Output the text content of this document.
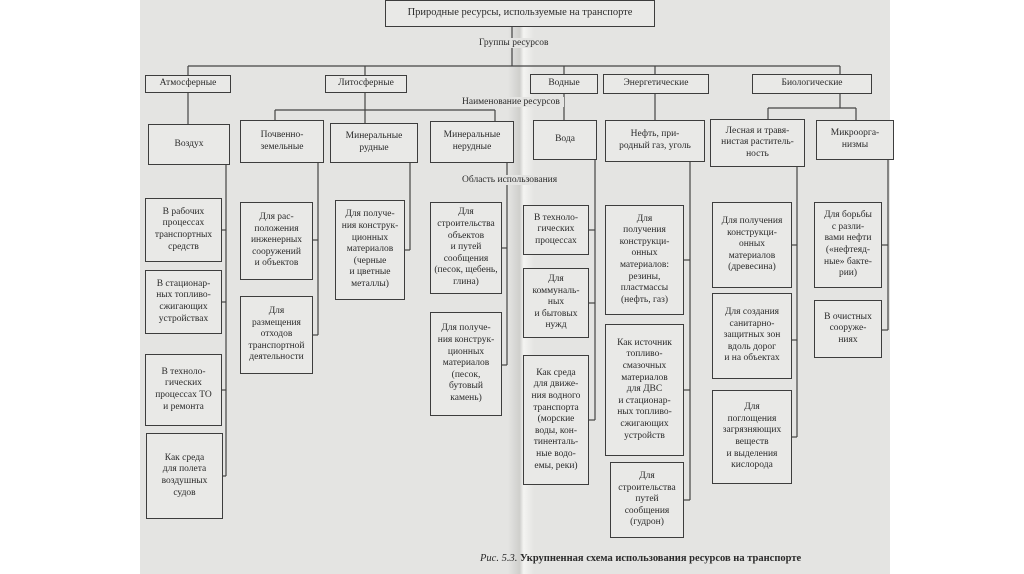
Природные ресурсы, используемые на транспорте
Группы ресурсов
Наименование ресурсов
Область использования
Атмосферные	Литосферные	Водные	Энергетические	Биологические
Воздух
Почвенно-
земельные
Минеральные
рудные
Минеральные
нерудные
Вода	Нефть, при-
родный газ, уголь
Лесная и травя-
нистая раститель-
ность
Микроорга-
низмы
В рабочих
процессах
транспортных
средств
В стационар-
ных топливо-
сжигающих
устройствах
В техноло-
гических
процессах ТО
и ремонта
Как среда
для полета
воздушных
судов
Для рас-
положения
инженерных
сооружений
и объектов
Для
размещения
отходов
транспортной
деятельности
Для получе-
ния конструк-
ционных
материалов
(черные
и цветные
металлы)
Для
строительства
объектов
и путей
сообщения
(песок, щебень,
глина)
Для получе-
ния конструк-
ционных
материалов
(песок,
бутовый
камень)
В техноло-
гических
процессах
Для
коммуналь-
ных
и бытовых
нужд
Как среда
для движе-
ния водного
транспорта
(морские
воды, кон-
тиненталь-
ные водо-
емы, реки)
Для
получения
конструкци-
онных
материалов:
резины,
пластмассы
(нефть, газ)
Как источник
топливо-
смазочных
материалов
для ДВС
и стационар-
ных топливо-
сжигающих
устройств
Для
строительства
путей
сообщения
(гудрон)
Для получения
конструкци-
онных
материалов
(древесина)
Для создания
санитарно-
защитных зон
вдоль дорог
и на объектах
Для
поглощения
загрязняющих
веществ
и выделения
кислорода
Для борьбы
с разли-
вами нефти
(«нефтеяд-
ные» бакте-
рии)
В очистных
сооруже-
ниях
Рис. 5.3. Укрупненная схема использования ресурсов на транспорте
